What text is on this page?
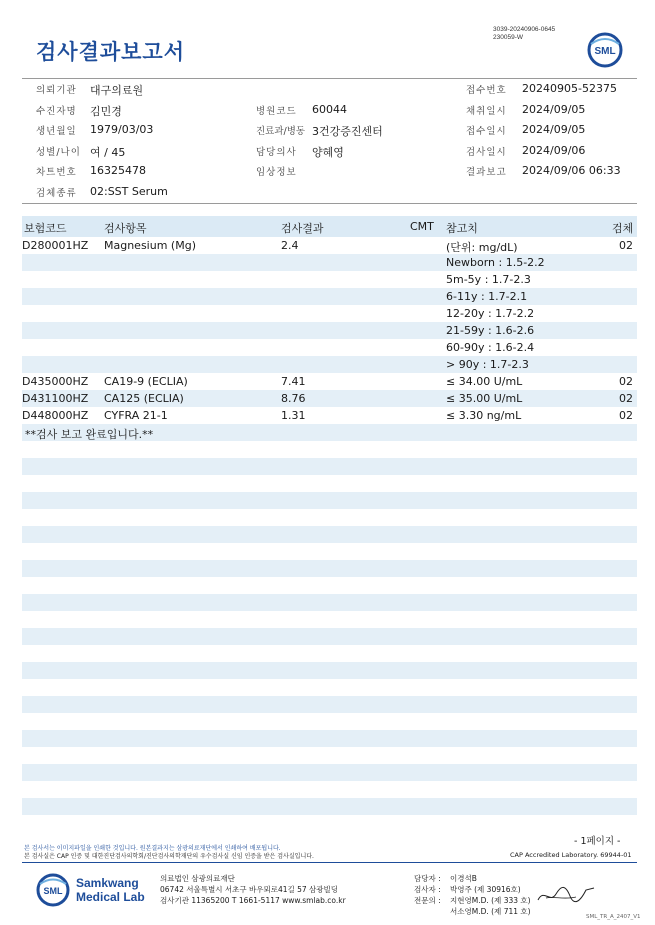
검사결과보고서
3039-20240906-0645
230059-W
SML
의뢰기관 대구의료원	접수번호 20240905-52375
수진자명 김민경	병원코드 60044	채취일시 2024/09/05
생년월일 1979/03/03	진료과/병동 3건강증진센터	접수일시 2024/09/05
성별/나이 여 / 45	담당의사 양혜영	검사일시 2024/09/06
차트번호 16325478	임상정보	결과보고 2024/09/06 06:33
검체종류 02:SST Serum
보험코드	검사항목	검사결과	CMT 참고치	검체
D280001HZ Magnesium (Mg)	2.4	(단위: mg/dL)	02
Newborn : 1.5-2.2
5m-5y : 1.7-2.3
6-11y : 1.7-2.1
12-20y : 1.7-2.2
21-59y : 1.6-2.6
60-90y : 1.6-2.4
> 90y : 1.7-2.3
D435000HZ CA19-9 (ECLIA)	7.41	≤ 34.00 U/mL	02
D431100HZ CA125 (ECLIA)	8.76	≤ 35.00 U/mL	02
D448000HZ CYFRA 21-1	1.31	≤ 3.30 ng/mL	02
**검사 보고 완료입니다.**
- 1페이지 -
본 검사서는 이미지파일을 인쇄한 것입니다. 원본결과지는 삼광의료재단에서 인쇄하여 배포됩니다.
본 검사실은 CAP 인증 및 대한진단검사의학회/진단검사의학재단의 우수검사실 신임 인증을 받은 검사실입니다.	CAP Accredited Laboratory. 69944-01
SML
Samkwang
Medical Lab
의료법인 삼광의료재단
06742 서울특별시 서초구 바우뫼로41길 57 삼광빌딩
검사기관 11365200 T 1661-5117 www.smlab.co.kr
담당자 : 이경석B
검사자 : 박영주 (제 30916호)
전문의 : 지현영M.D. (제 333 호)
서소영M.D. (제 711 호)
SML_TR_A_2407_V1
